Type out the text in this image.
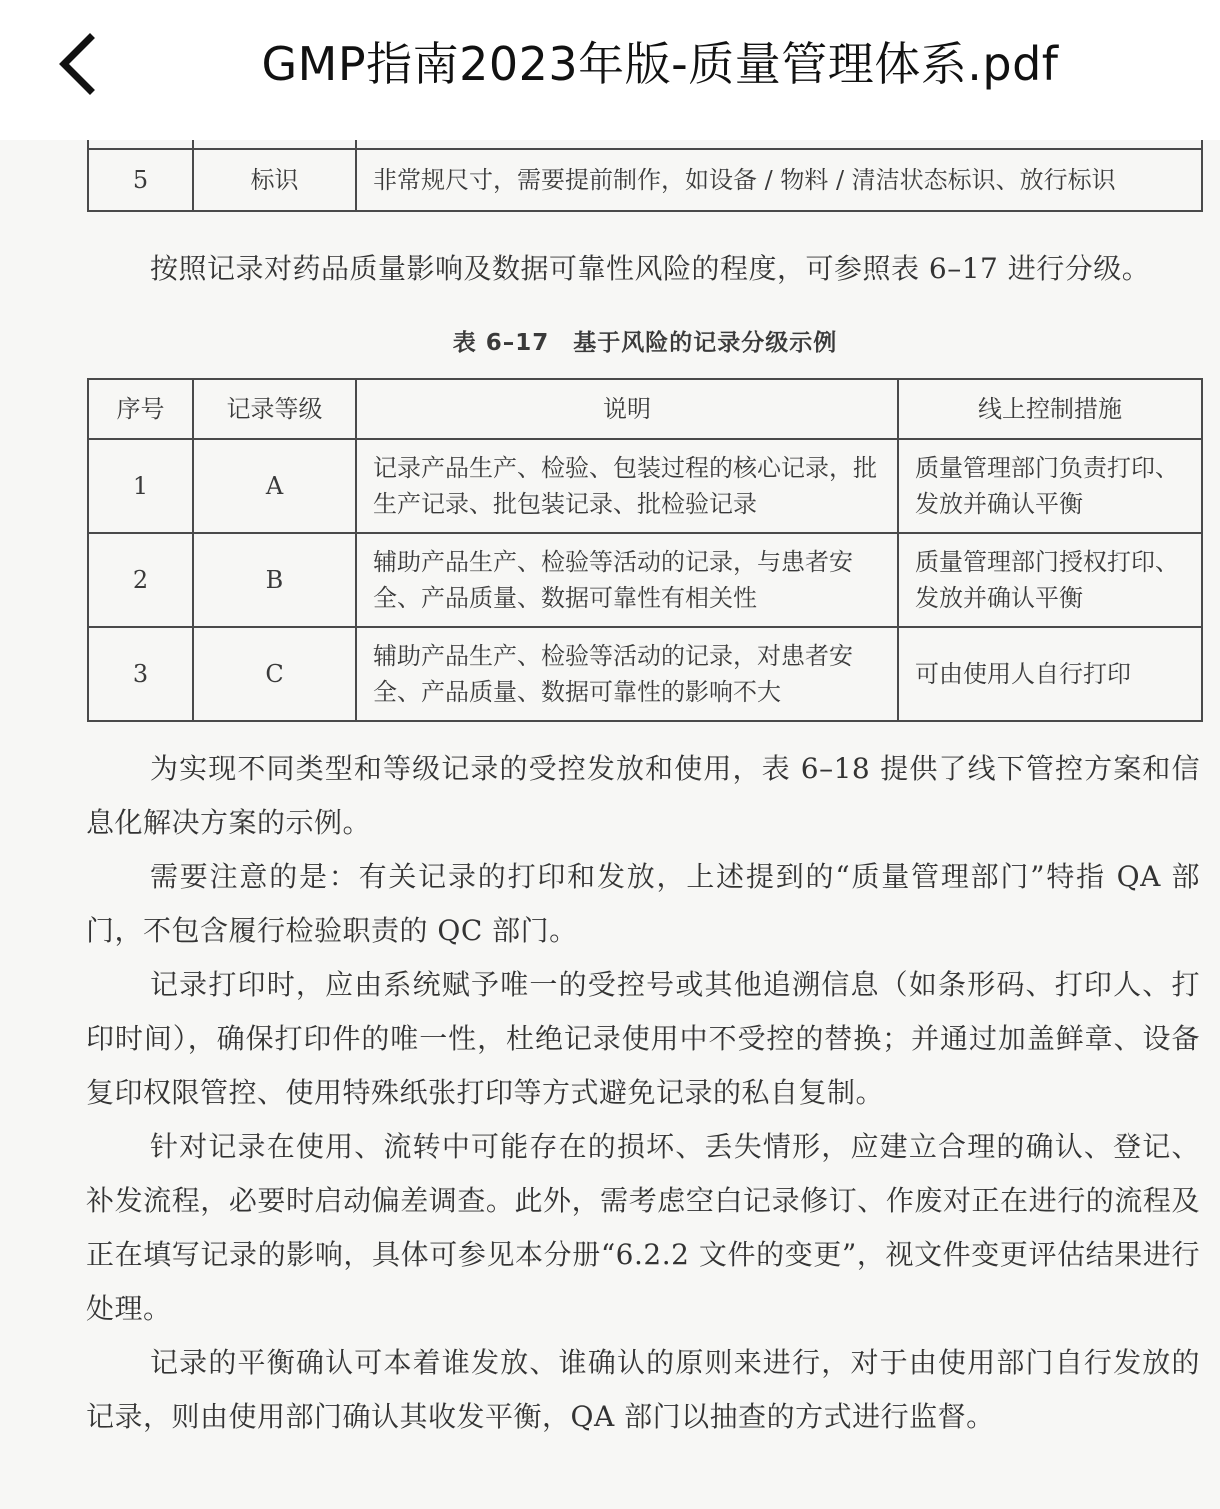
GMP指南2023年版-质量管理体系.pdf

5	标识	非常规尺寸，需要提前制作，如设备 / 物料 / 清洁状态标识、放行标识

按照记录对药品质量影响及数据可靠性风险的程度，可参照表 6–17 进行分级。

表 6–17　基于风险的记录分级示例
序号	记录等级	说明	线上控制措施
1	A	记录产品生产、检验、包装过程的核心记录，批生产记录、批包装记录、批检验记录	质量管理部门负责打印、发放并确认平衡
2	B	辅助产品生产、检验等活动的记录，与患者安全、产品质量、数据可靠性有相关性	质量管理部门授权打印、发放并确认平衡
3	C	辅助产品生产、检验等活动的记录，对患者安全、产品质量、数据可靠性的影响不大	可由使用人自行打印

为实现不同类型和等级记录的受控发放和使用，表 6–18 提供了线下管控方案和信息化解决方案的示例。

需要注意的是：有关记录的打印和发放，上述提到的“质量管理部门”特指 QA 部门，不包含履行检验职责的 QC 部门。

记录打印时，应由系统赋予唯一的受控号或其他追溯信息（如条形码、打印人、打印时间），确保打印件的唯一性，杜绝记录使用中不受控的替换；并通过加盖鲜章、设备复印权限管控、使用特殊纸张打印等方式避免记录的私自复制。

针对记录在使用、流转中可能存在的损坏、丢失情形，应建立合理的确认、登记、补发流程，必要时启动偏差调查。此外，需考虑空白记录修订、作废对正在进行的流程及正在填写记录的影响，具体可参见本分册“6.2.2 文件的变更”，视文件变更评估结果进行处理。

记录的平衡确认可本着谁发放、谁确认的原则来进行，对于由使用部门自行发放的记录，则由使用部门确认其收发平衡，QA 部门以抽查的方式进行监督。
